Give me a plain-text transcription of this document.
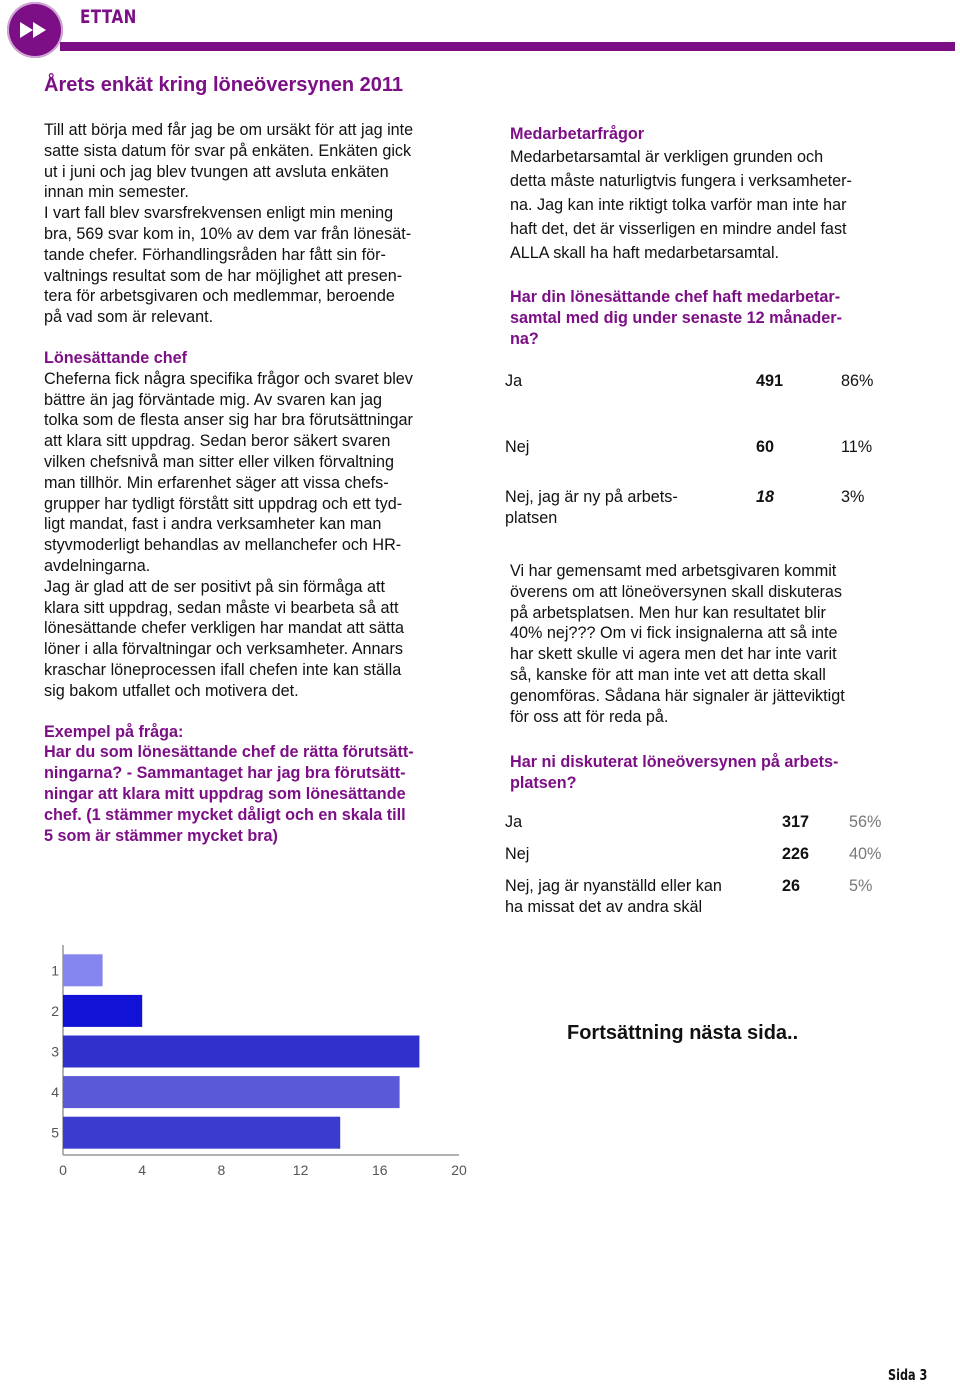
ETTAN
Årets enkät kring löneöversynen 2011
Till att börja med får jag be om ursäkt för att jag inte
satte sista datum för svar på enkäten. Enkäten gick
ut i juni och jag blev tvungen att avsluta enkäten
innan min semester.
I vart fall blev svarsfrekvensen enligt min mening
bra, 569 svar kom in, 10% av dem var från lönesät-
tande chefer. Förhandlingsråden har fått sin för-
valtnings resultat som de har möjlighet att presen-
tera för arbetsgivaren och medlemmar, beroende
på vad som är relevant.

Lönesättande chef

Cheferna fick några specifika frågor och svaret blev
bättre än jag förväntade mig. Av svaren kan jag
tolka som de flesta anser sig har bra förutsättningar
att klara sitt uppdrag. Sedan beror säkert svaren
vilken chefsnivå man sitter eller vilken förvaltning
man tillhör. Min erfarenhet säger att vissa chefs-
grupper har tydligt förstått sitt uppdrag och ett tyd-
ligt mandat, fast i andra verksamheter kan man
styvmoderligt behandlas av mellanchefer och HR-
avdelningarna.
Jag är glad att de ser positivt på sin förmåga att
klara sitt uppdrag, sedan måste vi bearbeta så att
lönesättande chefer verkligen har mandat att sätta
löner i alla förvaltningar och verksamheter. Annars
kraschar löneprocessen ifall chefen inte kan ställa
sig bakom utfallet och motivera det.

Exempel på fråga:

Har du som lönesättande chef de rätta förutsätt-
ningarna? - Sammantaget har jag bra förutsätt-
ningar att klara mitt uppdrag som lönesättande
chef. (1 stämmer mycket dåligt och en skala till
5 som är stämmer mycket bra)

Medarbetarfrågor

Medarbetarsamtal är verkligen grunden och
detta måste naturligtvis fungera i verksamheter-
na. Jag kan inte riktigt tolka varför man inte har
haft det, det är visserligen en mindre andel fast
ALLA skall ha haft medarbetarsamtal.
Har din lönesättande chef haft medarbetar-
samtal med dig under senaste 12 månader-
na?
Ja	491	86%
Nej	60	11%
Nej, jag är ny på arbets-
platsen
18	3%
Vi har gemensamt med arbetsgivaren kommit
överens om att löneöversynen skall diskuteras
på arbetsplatsen. Men hur kan resultatet blir
40% nej??? Om vi fick insignalerna att så inte
har skett skulle vi agera men det har inte varit
så, kanske för att man inte vet att detta skall
genomföras. Sådana här signaler är jätteviktigt
för oss att för reda på.
Har ni diskuterat löneöversynen på arbets-
platsen?
Ja	317 56%
Nej	226 40%
Nej, jag är nyanställd eller kan
ha missat det av andra skäl
26	5%
1
2
3
4
5
0	4	8	12	16	20
Fortsättning nästa sida..
Sida 3
